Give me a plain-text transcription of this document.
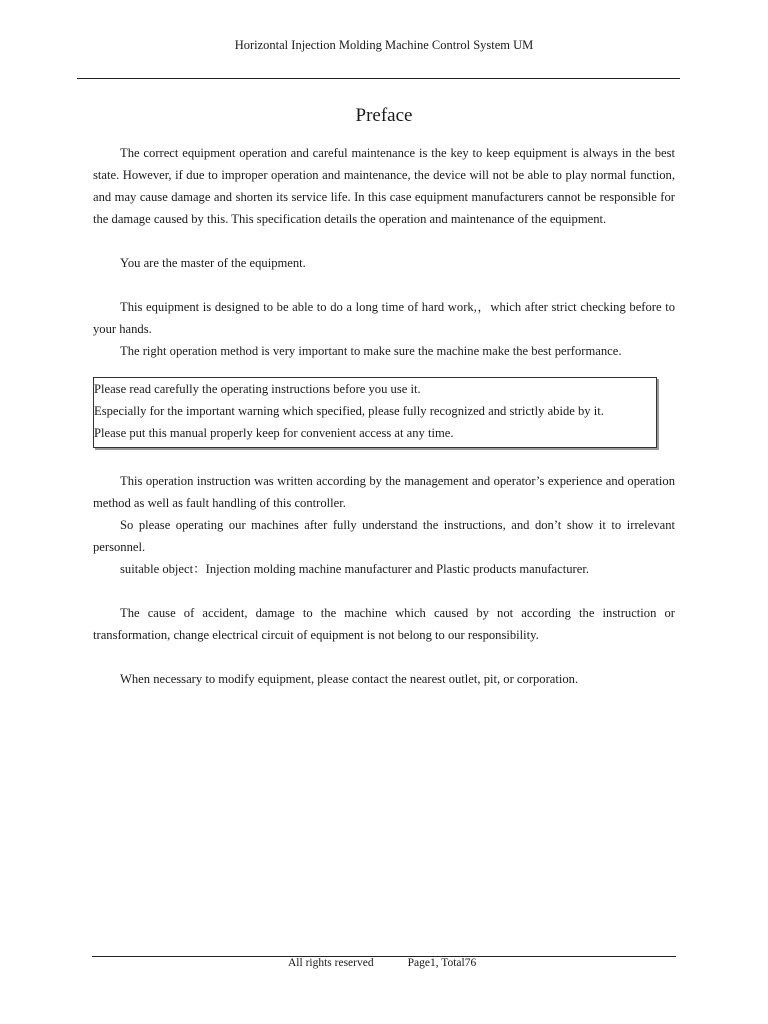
Horizontal Injection Molding Machine Control System UM
Preface

The correct equipment operation and careful maintenance is the key to keep equipment is always in the best state. However, if due to improper operation and maintenance, the device will not be able to play normal function, and may cause damage and shorten its service life. In this case equipment manufacturers cannot be responsible for the damage caused by this. This specification details the operation and maintenance of the equipment.

You are the master of the equipment.

This equipment is designed to be able to do a long time of hard work,，which after strict checking before to your hands.

The right operation method is very important to make sure the machine make the best performance.

Please read carefully the operating instructions before you use it.

Especially for the important warning which specified, please fully recognized and strictly abide by it.

Please put this manual properly keep for convenient access at any time.

This operation instruction was written according by the management and operator’s experience and operation method as well as fault handling of this controller.

So please operating our machines after fully understand the instructions, and don’t show it to irrelevant personnel.

suitable object：Injection molding machine manufacturer and Plastic products manufacturer.

The cause of accident, damage to the machine which caused by not according the instruction or transformation, change electrical circuit of equipment is not belong to our responsibility.

When necessary to modify equipment, please contact the nearest outlet, pit, or corporation.

All rights reserved	Page1, Total76
